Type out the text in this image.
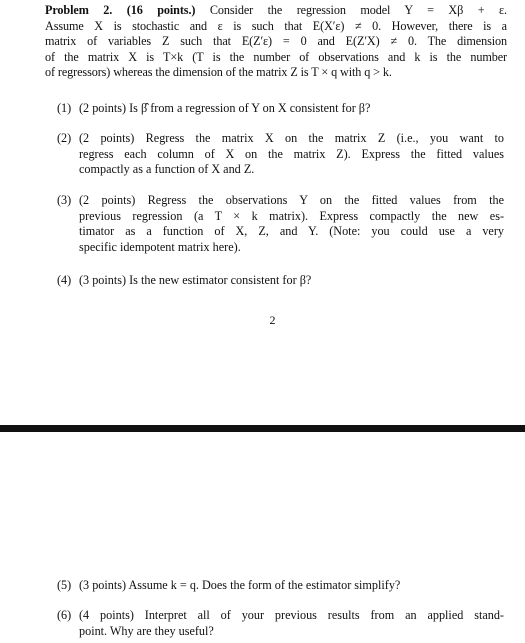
Problem 2. (16 points.) Consider the regression model Y = Xβ + ε.
Assume X is stochastic and ε is such that E(X′ε) ≠ 0. However, there is a
matrix of variables Z such that E(Z′ε) = 0 and E(Z′X) ≠ 0. The dimension
of the matrix X is T×k (T is the number of observations and k is the number
of regressors) whereas the dimension of the matrix Z is T × q with q > k.
(1) (2 points) Is β̂ from a regression of Y on X consistent for β?
(2) (2 points) Regress the matrix X on the matrix Z (i.e., you want to
regress each column of X on the matrix Z). Express the fitted values
compactly as a function of X and Z.
(3) (2 points) Regress the observations Y on the fitted values from the
previous regression (a T × k matrix). Express compactly the new es-
timator as a function of X, Z, and Y. (Note: you could use a very
specific idempotent matrix here).
(4) (3 points) Is the new estimator consistent for β?
2
(5) (3 points) Assume k = q. Does the form of the estimator simplify?
(6) (4 points) Interpret all of your previous results from an applied stand-
point. Why are they useful?
